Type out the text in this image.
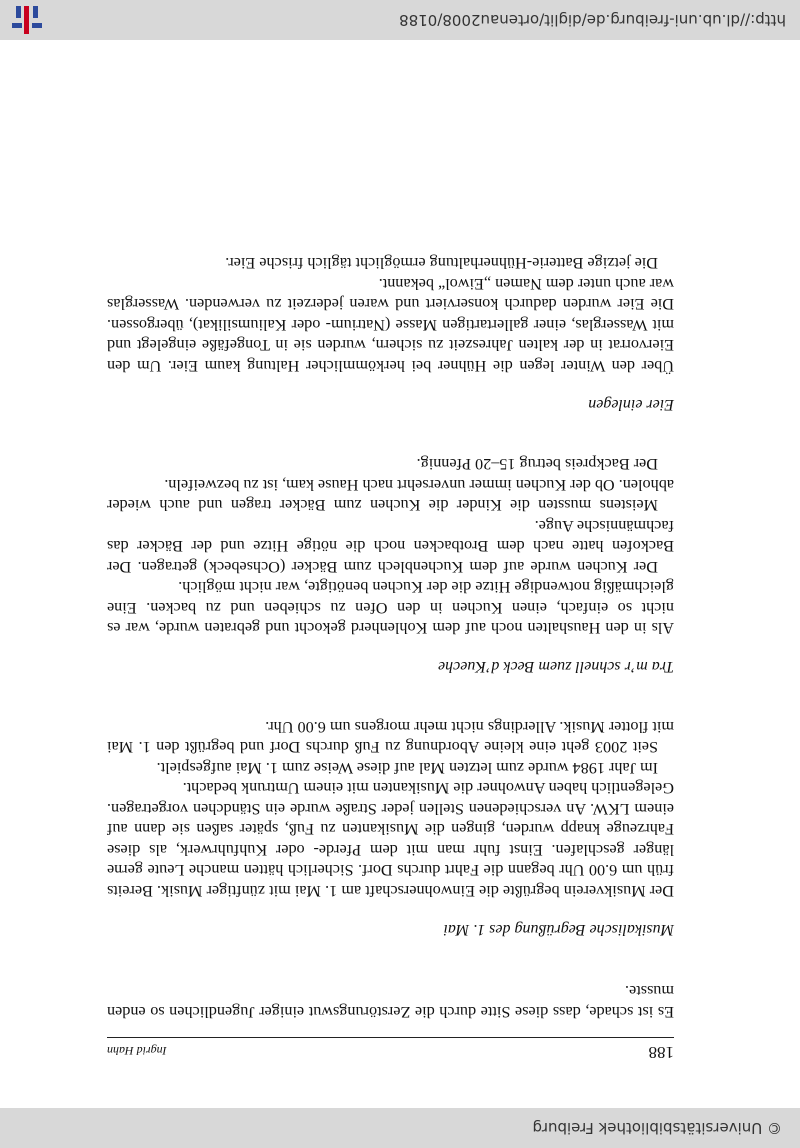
© Universitätsbibliothek Freiburg
188
Ingrid Hahn

Es ist schade, dass diese Sitte durch die Zerstörungswut einiger Jugendlichen so enden musste.

Musikalische Begrüßung des 1. Mai

Der Musikverein begrüßte die Einwohnerschaft am 1. Mai mit zünftiger Musik. Bereits früh um 6.00 Uhr begann die Fahrt durchs Dorf. Sicherlich hätten manche Leute gerne länger geschlafen. Einst fuhr man mit dem Pferde- oder Kuhfuhrwerk, als diese Fahrzeuge knapp wurden, gingen die Musikanten zu Fuß, später saßen sie dann auf einem LKW. An verschiedenen Stellen jeder Straße wurde ein Ständchen vorgetragen. Gelegentlich haben Anwohner die Musikanten mit einem Umtrunk bedacht.

Im Jahr 1984 wurde zum letzten Mal auf diese Weise zum 1. Mai aufgespielt.

Seit 2003 geht eine kleine Abordnung zu Fuß durchs Dorf und begrüßt den 1. Mai mit flotter Musik. Allerdings nicht mehr morgens um 6.00 Uhr.

Tra m’r schnell zuem Beck d’Kueche

Als in den Haushalten noch auf dem Kohlenherd gekocht und gebraten wurde, war es nicht so einfach, einen Kuchen in den Ofen zu schieben und zu backen. Eine gleichmäßig notwendige Hitze die der Kuchen benötigte, war nicht möglich.

Der Kuchen wurde auf dem Kuchenblech zum Bäcker (Ochsebeck) getragen. Der Backofen hatte nach dem Brotbacken noch die nötige Hitze und der Bäcker das fachmännische Auge.

Meistens mussten die Kinder die Kuchen zum Bäcker tragen und auch wieder abholen. Ob der Kuchen immer unversehrt nach Hause kam, ist zu bezweifeln.

Der Backpreis betrug 15–20 Pfennig.

Eier einlegen

Über den Winter legen die Hühner bei herkömmlicher Haltung kaum Eier. Um den Eiervorrat in der kalten Jahreszeit zu sichern, wurden sie in Tongefäße eingelegt und mit Wasserglas, einer gallertartigen Masse (Natrium- oder Kaliumsilikat), übergossen. Die Eier wurden dadurch konserviert und waren jederzeit zu verwenden. Wasserglas war auch unter dem Namen „Eiwol“ bekannt.

Die jetzige Batterie-Hühnerhaltung ermöglicht täglich frische Eier.

http://dl.ub.uni-freiburg.de/diglit/ortenau2008/0188
